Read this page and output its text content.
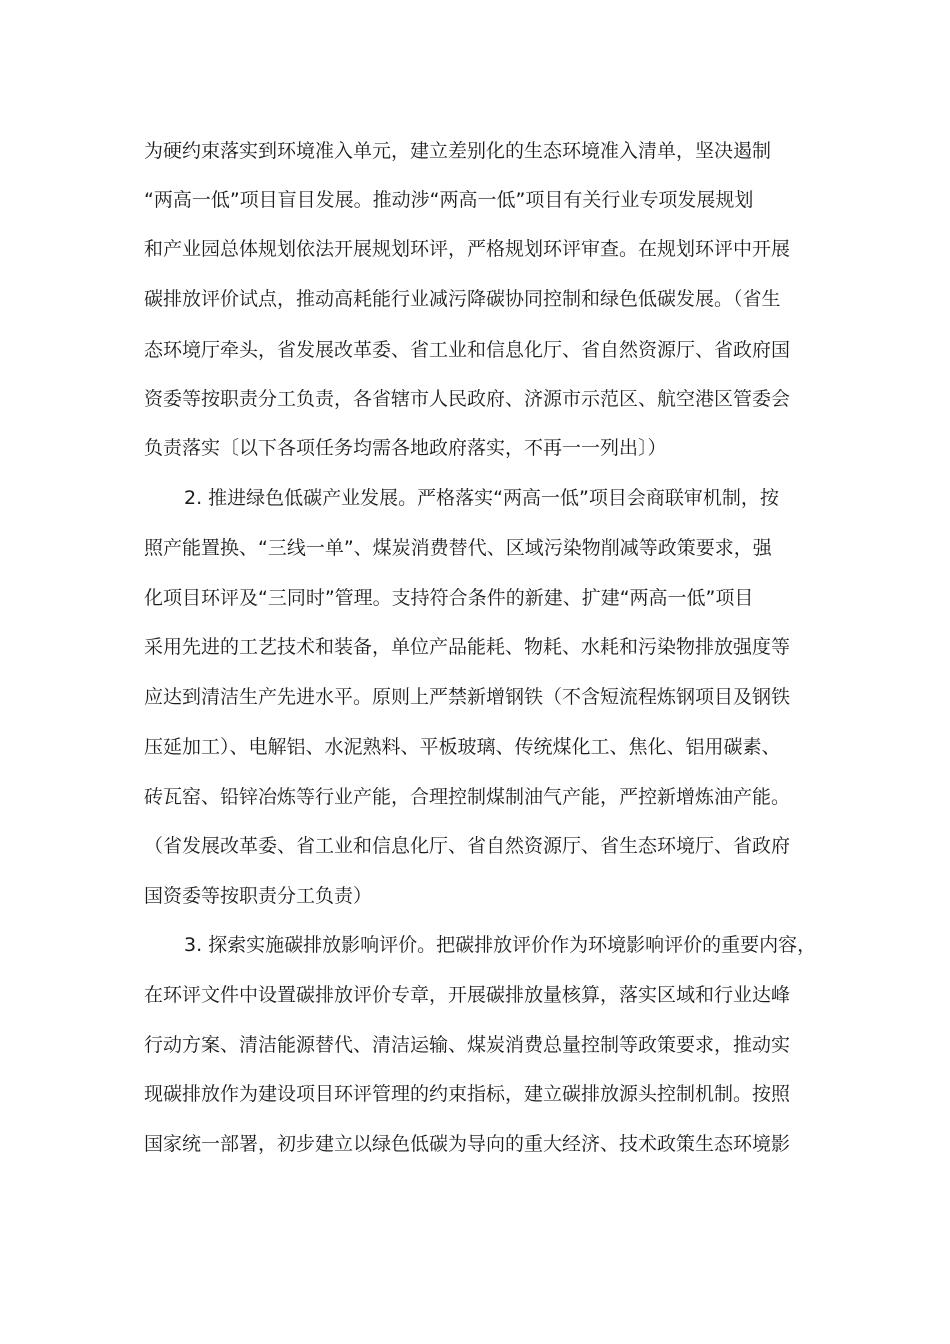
为硬约束落实到环境准入单元，建立差别化的生态环境准入清单，坚决遏制
“两高一低”项目盲目发展。推动涉“两高一低”项目有关行业专项发展规划
和产业园总体规划依法开展规划环评，严格规划环评审查。在规划环评中开展
碳排放评价试点，推动高耗能行业减污降碳协同控制和绿色低碳发展。（省生
态环境厅牵头，省发展改革委、省工业和信息化厅、省自然资源厅、省政府国
资委等按职责分工负责，各省辖市人民政府、济源市示范区、航空港区管委会
负责落实〔以下各项任务均需各地政府落实，不再一一列出〕）
2. 推进绿色低碳产业发展。严格落实“两高一低”项目会商联审机制，按
照产能置换、“三线一单”、煤炭消费替代、区域污染物削减等政策要求，强
化项目环评及“三同时”管理。支持符合条件的新建、扩建“两高一低”项目
采用先进的工艺技术和装备，单位产品能耗、物耗、水耗和污染物排放强度等
应达到清洁生产先进水平。原则上严禁新增钢铁（不含短流程炼钢项目及钢铁
压延加工）、电解铝、水泥熟料、平板玻璃、传统煤化工、焦化、铝用碳素、
砖瓦窑、铅锌冶炼等行业产能，合理控制煤制油气产能，严控新增炼油产能。
（省发展改革委、省工业和信息化厅、省自然资源厅、省生态环境厅、省政府
国资委等按职责分工负责）
3. 探索实施碳排放影响评价。把碳排放评价作为环境影响评价的重要内容，
在环评文件中设置碳排放评价专章，开展碳排放量核算，落实区域和行业达峰
行动方案、清洁能源替代、清洁运输、煤炭消费总量控制等政策要求，推动实
现碳排放作为建设项目环评管理的约束指标，建立碳排放源头控制机制。按照
国家统一部署，初步建立以绿色低碳为导向的重大经济、技术政策生态环境影
